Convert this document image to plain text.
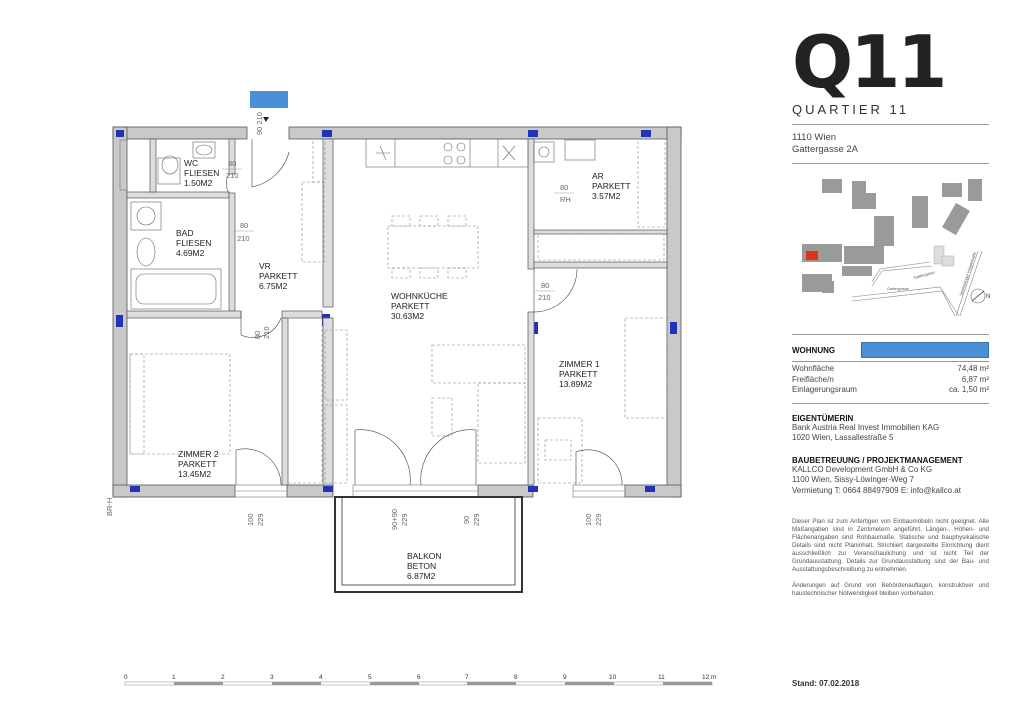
90 210
WC
FLIESEN
1.50M2
BAD
FLIESEN
4.69M2
VR
PARKETT
6.75M2
WOHNKÜCHE
PARKETT
30.63M2
AR
PARKETT
3.57M2
ZIMMER 1
PARKETT
13.89M2
ZIMMER 2
PARKETT
13.45M2
BALKON
BETON
6.87M2
80
210
80
210
80
RH
80
210
80 210
100 229	90+90 229	90 229	100 229
BR-H
0	1	2	3	4	5	6	7	8	9	10	11	12 m
Q11
QUARTIER 11
1110 Wien
Gattergasse 2A
Gattergasse
Gattergasse	Simmeringer Hauptstraße
N
WOHNUNG
Wohnfläche	74,48 m²
Freifläche/n	6,87 m²
Einlagerungsraum	ca. 1,50 m²
EIGENTÜMERIN
Bank Austria Real Invest Immobilien KAG
1020 Wien, Lassallestraße 5
BAUBETREUUNG / PROJEKTMANAGEMENT
KALLCO Development GmbH & Co KG
1100 Wien, Sissy-Löwinger-Weg 7
Vermietung T: 0664 88497909 E: info@kallco.at

Dieser Plan ist zum Anfertigen von Einbaumöbeln nicht geeignet. Alle Maßangaben sind in Zentimetern angeführt. Längen-, Höhen- und Flächenangaben sind Rohbaumaße. Statische und bauphysikalische Details sind nicht Planinhalt. Strichliert dargestellte Einrichtung dient ausschließlich zur Veranschaulichung und ist nicht Teil der Grundausstattung. Details zur Grundausstattung sind der Bau- und Ausstattungsbeschreibung zu entnehmen.

Änderungen auf Grund von Behördenauflagen, konstruktiver und haustechnischer Notwendigkeit bleiben vorbehalten.

Stand: 07.02.2018
